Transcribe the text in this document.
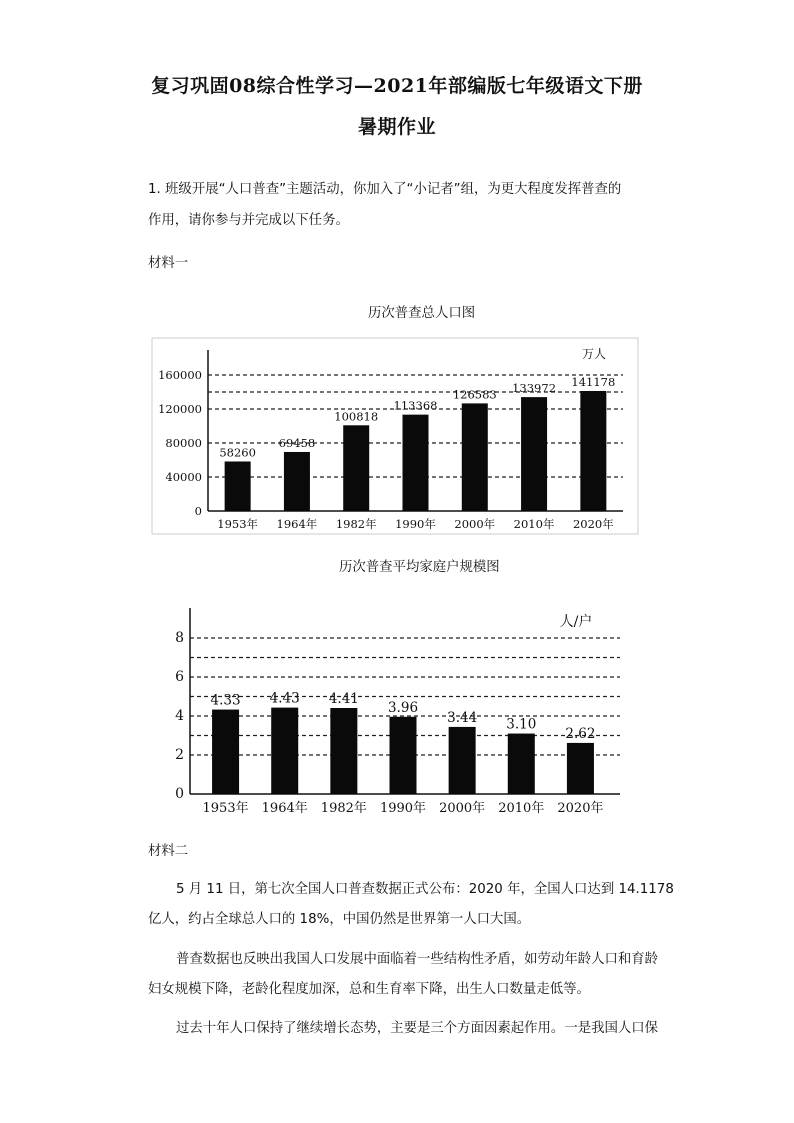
复习巩固08综合性学习—2021年部编版七年级语文下册
暑期作业
1. 班级开展“人口普查”主题活动，你加入了“小记者”组，为更大程度发挥普查的
作用，请你参与并完成以下任务。
材料一
历次普查总人口图
0
40000
80000
120000
160000
万人
58260
1953年
69458
1964年
100818
1982年
113368
1990年
126583
2000年
133972
2010年
141178
2020年
历次普查平均家庭户规模图
0
2
4
6
8
人/户
4.33
1953年
4.43
1964年
4.41
1982年
3.96
1990年
3.44
2000年
3.10
2010年
2.62
2020年
材料二
5 月 11 日，第七次全国人口普查数据正式公布：2020 年，全国人口达到 14.1178
亿人，约占全球总人口的 18%，中国仍然是世界第一人口大国。
普查数据也反映出我国人口发展中面临着一些结构性矛盾，如劳动年龄人口和育龄
妇女规模下降，老龄化程度加深，总和生育率下降，出生人口数量走低等。
过去十年人口保持了继续增长态势，主要是三个方面因素起作用。一是我国人口保
